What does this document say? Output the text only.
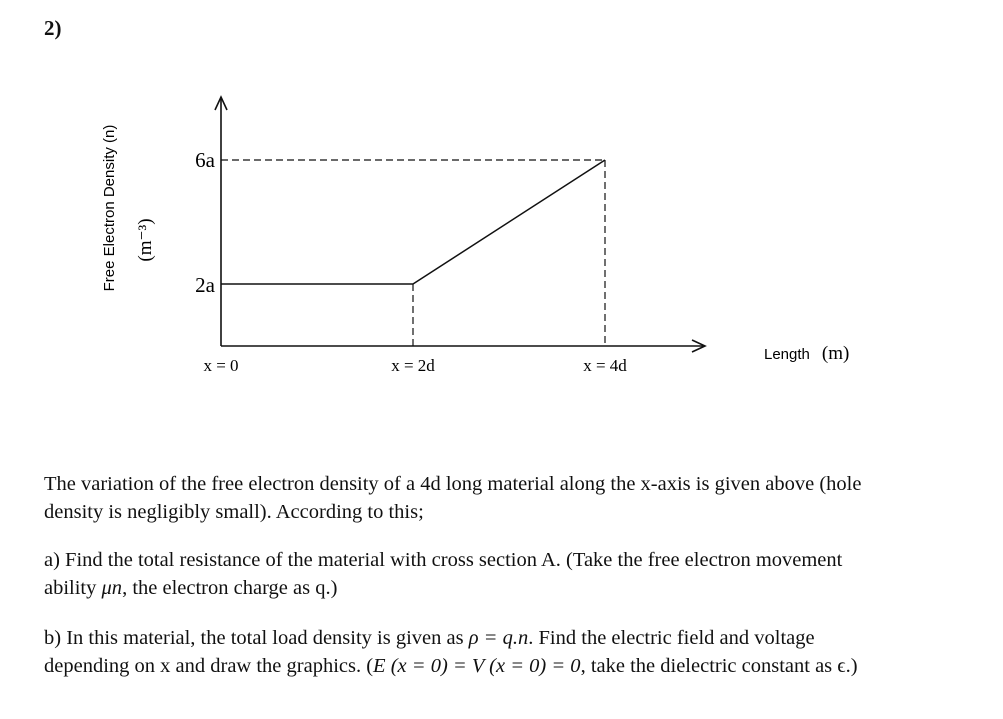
2)
6a
2a
x = 0	x = 2d	x = 4d
Length (m)
Free Electron Density (n) (m⁻³)
The variation of the free electron density of a 4d long material along the x-axis is given above (hole
density is negligibly small). According to this;
a) Find the total resistance of the material with cross section A. (Take the free electron movement
ability μn, the electron charge as q.)
b) In this material, the total load density is given as ρ = q.n. Find the electric field and voltage
depending on x and draw the graphics. (E (x = 0) = V (x = 0) = 0, take the dielectric constant as ϵ.)
